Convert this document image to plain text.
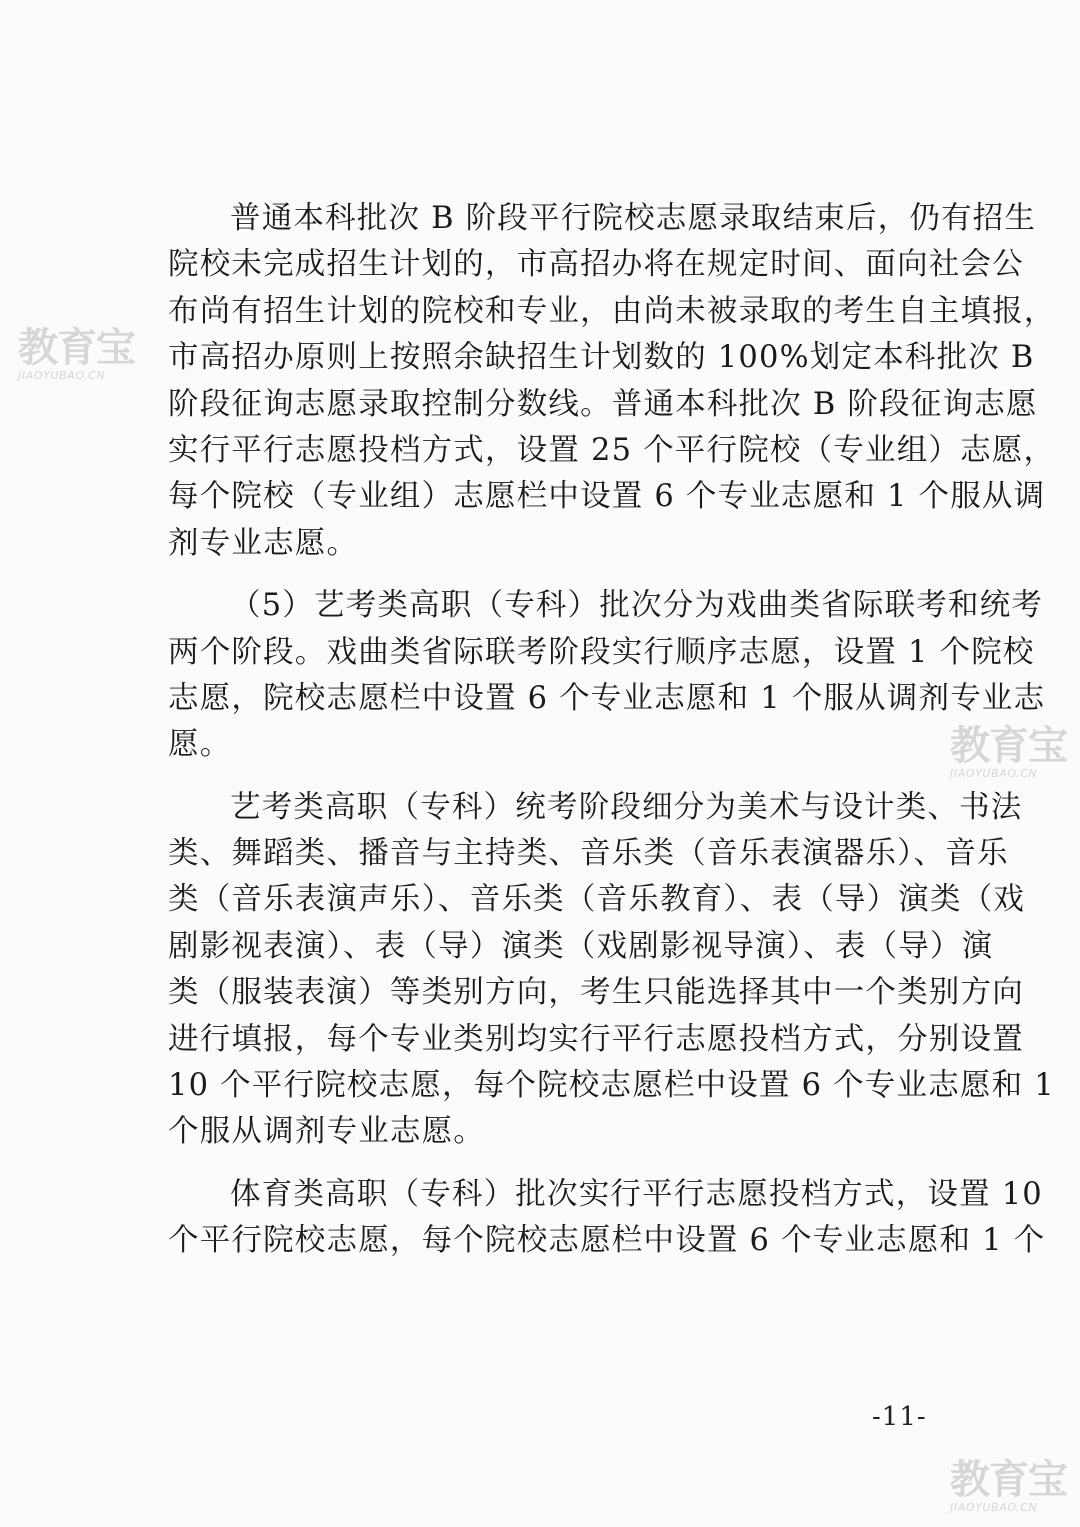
普通本科批次 B 阶段平行院校志愿录取结束后，仍有招生
院校未完成招生计划的，市高招办将在规定时间、面向社会公
布尚有招生计划的院校和专业，由尚未被录取的考生自主填报，
市高招办原则上按照余缺招生计划数的 100%划定本科批次 B
阶段征询志愿录取控制分数线。普通本科批次 B 阶段征询志愿
实行平行志愿投档方式，设置 25 个平行院校（专业组）志愿，
每个院校（专业组）志愿栏中设置 6 个专业志愿和 1 个服从调
剂专业志愿。

（5）艺考类高职（专科）批次分为戏曲类省际联考和统考
两个阶段。戏曲类省际联考阶段实行顺序志愿，设置 1 个院校
志愿，院校志愿栏中设置 6 个专业志愿和 1 个服从调剂专业志
愿。

艺考类高职（专科）统考阶段细分为美术与设计类、书法
类、舞蹈类、播音与主持类、音乐类（音乐表演器乐）、音乐
类（音乐表演声乐）、音乐类（音乐教育）、表（导）演类（戏
剧影视表演）、表（导）演类（戏剧影视导演）、表（导）演
类（服装表演）等类别方向，考生只能选择其中一个类别方向
进行填报，每个专业类别均实行平行志愿投档方式，分别设置
10 个平行院校志愿，每个院校志愿栏中设置 6 个专业志愿和 1
个服从调剂专业志愿。

体育类高职（专科）批次实行平行志愿投档方式，设置 10
个平行院校志愿，每个院校志愿栏中设置 6 个专业志愿和 1 个

-11-
教育宝
JIAOYUBAO.CN
教育宝
JIAOYUBAO.CN
教育宝
JIAOYUBAO.CN
